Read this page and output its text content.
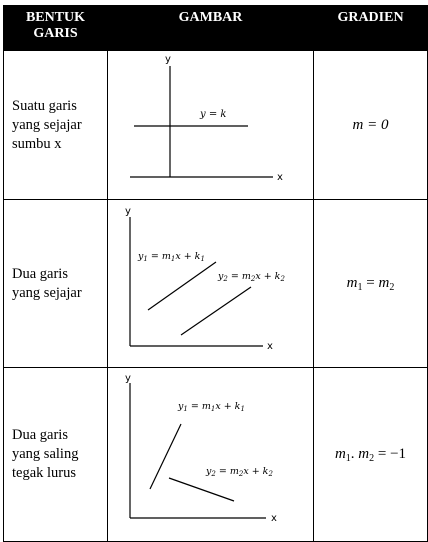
BENTUK
GARIS	GAMBAR	GRADIEN

Suatu garis
yang sejajar
sumbu x	y
x
y = k	m = 0

Dua garis
yang sejajar	y
x
$y_1 = m_1x + k_1$
$y_2 = m_2x + k_2$	$m_1 = m_2$

Dua garis
yang saling
tegak lurus	y
x
$y_1 = m_1x + k_1$
$y_2 = m_2x + k_2$	$m_1$. $m_2 = -1$
